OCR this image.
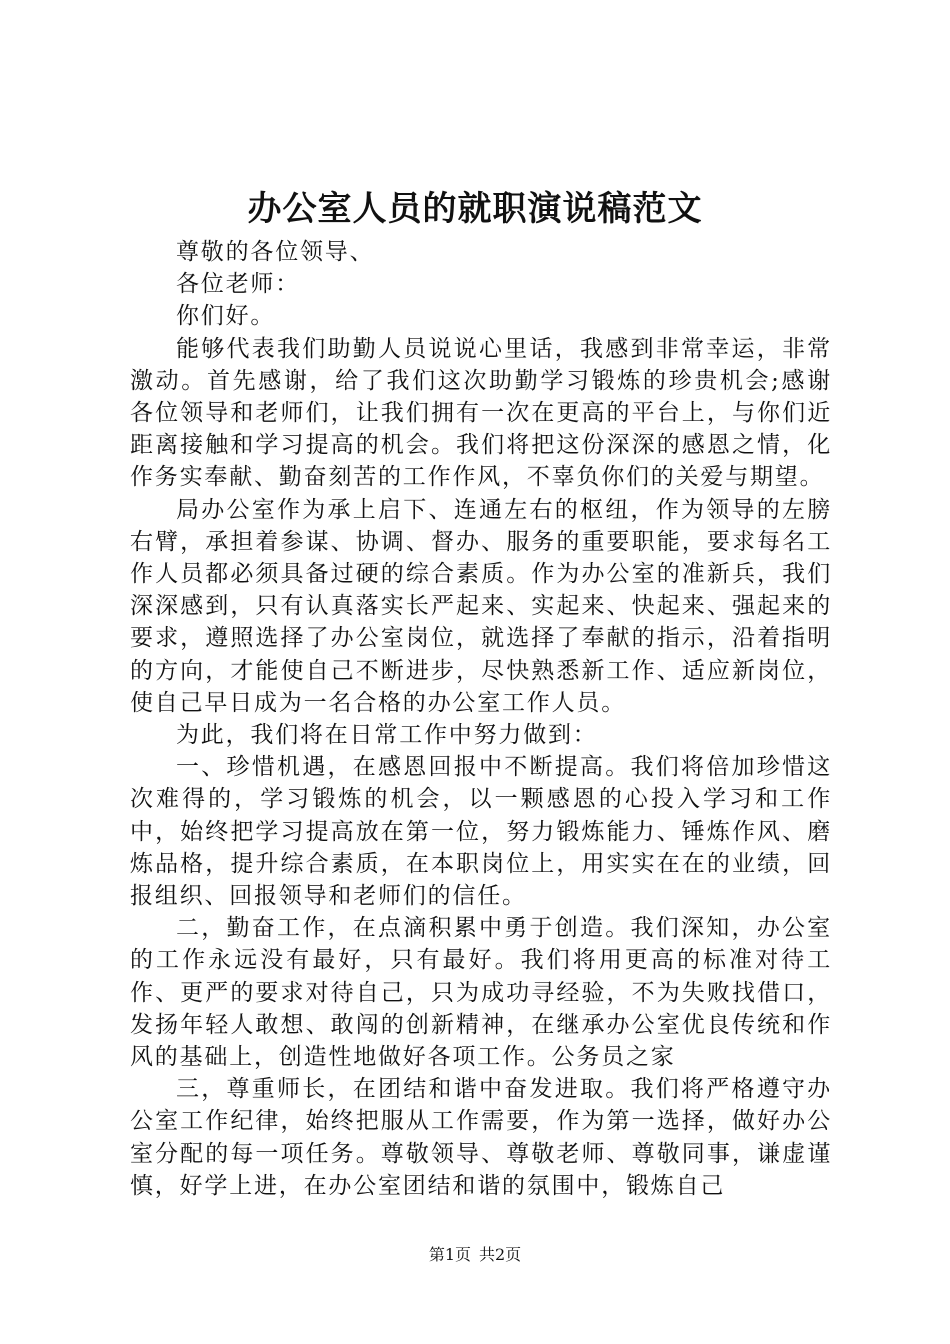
办公室人员的就职演说稿范文

尊敬的各位领导、

各位老师：

你们好。

能够代表我们助勤人员说说心里话，我感到非常幸运，非常激动。首先感谢，给了我们这次助勤学习锻炼的珍贵机会;感谢各位领导和老师们，让我们拥有一次在更高的平台上，与你们近距离接触和学习提高的机会。我们将把这份深深的感恩之情，化作务实奉献、勤奋刻苦的工作作风，不辜负你们的关爱与期望。

局办公室作为承上启下、连通左右的枢纽，作为领导的左膀右臂，承担着参谋、协调、督办、服务的重要职能，要求每名工作人员都必须具备过硬的综合素质。作为办公室的准新兵，我们深深感到，只有认真落实长严起来、实起来、快起来、强起来的要求，遵照选择了办公室岗位，就选择了奉献的指示，沿着指明的方向，才能使自己不断进步，尽快熟悉新工作、适应新岗位，使自己早日成为一名合格的办公室工作人员。

为此，我们将在日常工作中努力做到：

一、珍惜机遇，在感恩回报中不断提高。我们将倍加珍惜这次难得的，学习锻炼的机会，以一颗感恩的心投入学习和工作中，始终把学习提高放在第一位，努力锻炼能力、锤炼作风、磨炼品格，提升综合素质，在本职岗位上，用实实在在的业绩，回报组织、回报领导和老师们的信任。

二，勤奋工作，在点滴积累中勇于创造。我们深知，办公室的工作永远没有最好，只有最好。我们将用更高的标准对待工作、更严的要求对待自己，只为成功寻经验，不为失败找借口，发扬年轻人敢想、敢闯的创新精神，在继承办公室优良传统和作风的基础上，创造性地做好各项工作。公务员之家

三，尊重师长，在团结和谐中奋发进取。我们将严格遵守办公室工作纪律，始终把服从工作需要，作为第一选择，做好办公室分配的每一项任务。尊敬领导、尊敬老师、尊敬同事，谦虚谨慎，好学上进，在办公室团结和谐的氛围中，锻炼自己

第1页 共2页
